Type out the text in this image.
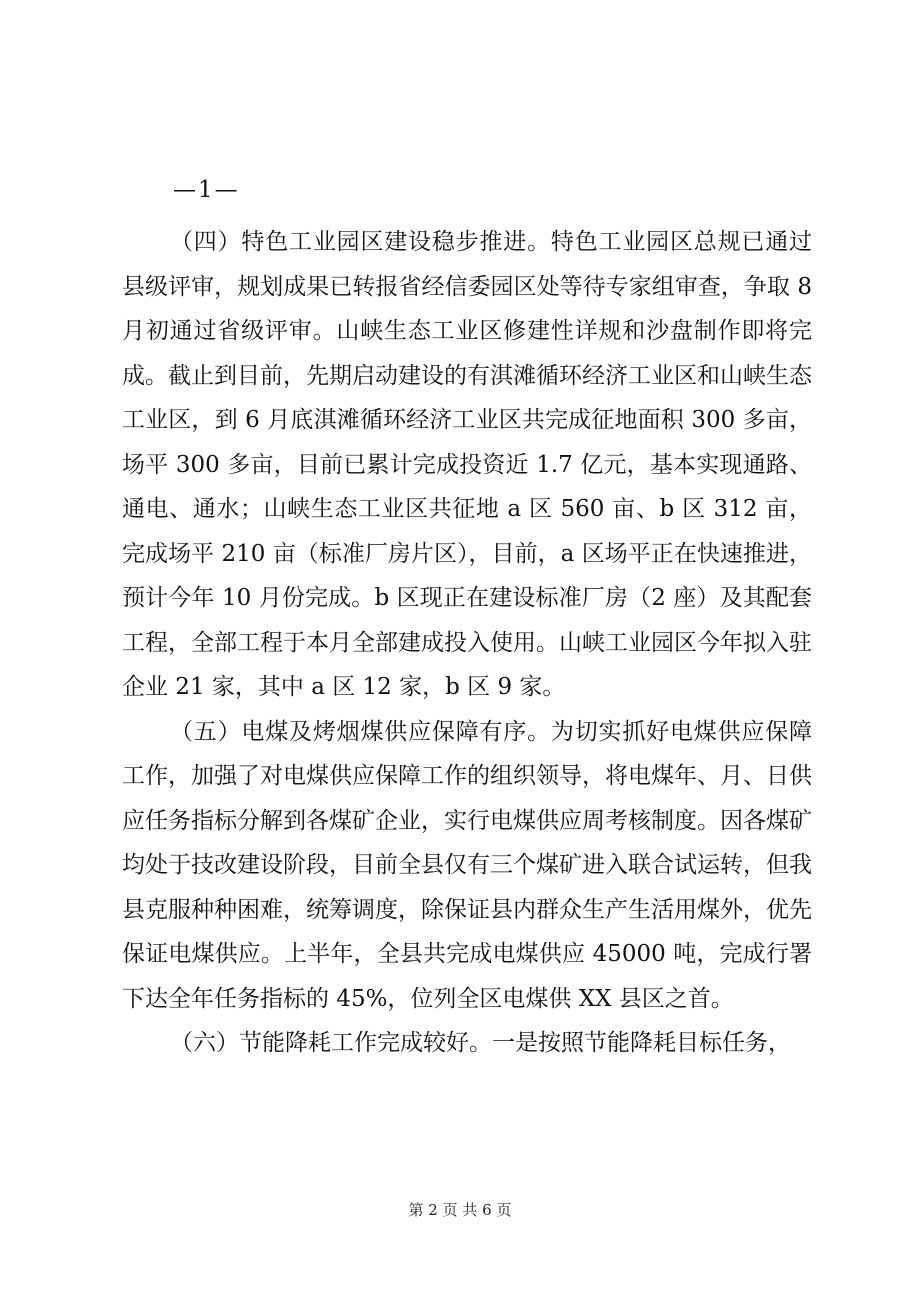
—1—

（四）特色工业园区建设稳步推进。特色工业园区总规已通过县级评审，规划成果已转报省经信委园区处等待专家组审查，争取 8 月初通过省级评审。山峡生态工业区修建性详规和沙盘制作即将完成。截止到目前，先期启动建设的有淇滩循环经济工业区和山峡生态工业区，到 6 月底淇滩循环经济工业区共完成征地面积 300 多亩，场平 300 多亩，目前已累计完成投资近 1.7 亿元，基本实现通路、通电、通水；山峡生态工业区共征地 a 区 560 亩、b 区 312 亩，完成场平 210 亩（标准厂房片区），目前，a 区场平正在快速推进，预计今年 10 月份完成。b 区现正在建设标准厂房（2 座）及其配套工程，全部工程于本月全部建成投入使用。山峡工业园区今年拟入驻企业 21 家，其中 a 区 12 家，b 区 9 家。

（五）电煤及烤烟煤供应保障有序。为切实抓好电煤供应保障工作，加强了对电煤供应保障工作的组织领导，将电煤年、月、日供应任务指标分解到各煤矿企业，实行电煤供应周考核制度。因各煤矿均处于技改建设阶段，目前全县仅有三个煤矿进入联合试运转，但我县克服种种困难，统筹调度，除保证县内群众生产生活用煤外，优先保证电煤供应。上半年，全县共完成电煤供应 45000 吨，完成行署下达全年任务指标的 45%，位列全区电煤供 XX 县区之首。

（六）节能降耗工作完成较好。一是按照节能降耗目标任务，

第 2 页 共 6 页
